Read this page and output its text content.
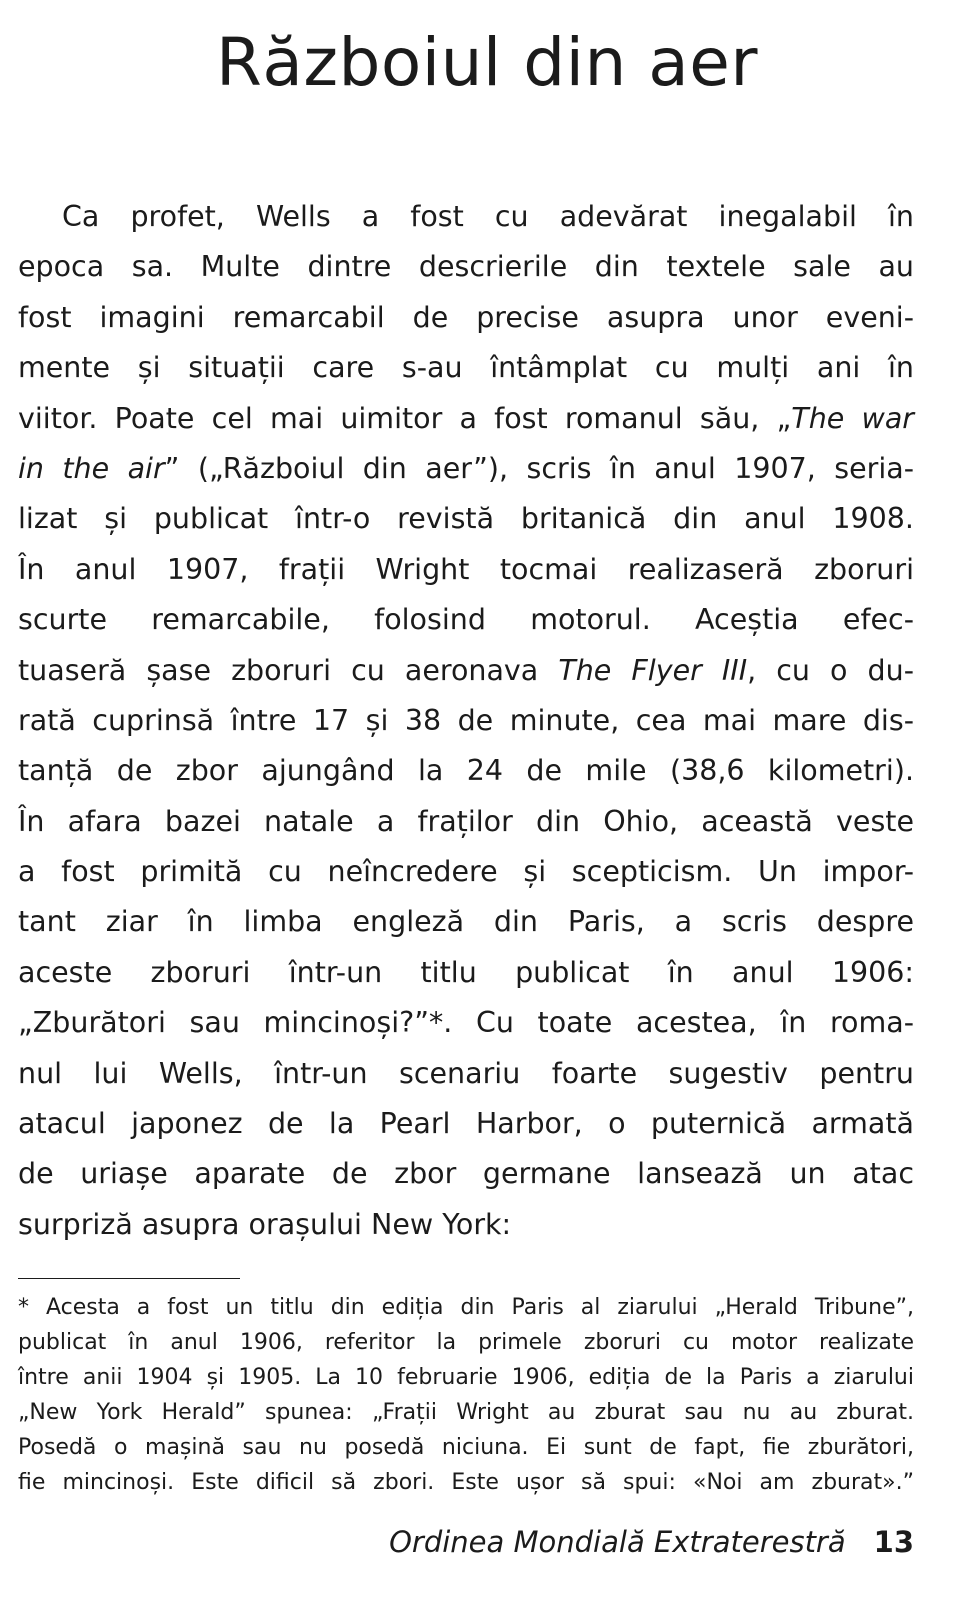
Războiul din aer
Ca profet, Wells a fost cu adevărat inegalabil în
epoca sa. Multe dintre descrierile din textele sale au
fost imagini remarcabil de precise asupra unor eveni-
mente și situații care s-au întâmplat cu mulți ani în
viitor. Poate cel mai uimitor a fost romanul său, „The war
in the air” („Războiul din aer”), scris în anul 1907, seria-
lizat și publicat într-o revistă britanică din anul 1908.
În anul 1907, frații Wright tocmai realizaseră zboruri
scurte remarcabile, folosind motorul. Aceștia efec-
tuaseră șase zboruri cu aeronava The Flyer III, cu o du-
rată cuprinsă între 17 și 38 de minute, cea mai mare dis-
tanță de zbor ajungând la 24 de mile (38,6 kilometri).
În afara bazei natale a fraților din Ohio, această veste
a fost primită cu neîncredere și scepticism. Un impor-
tant ziar în limba engleză din Paris, a scris despre
aceste zboruri într-un titlu publicat în anul 1906:
„Zburători sau mincinoși?”*. Cu toate acestea, în roma-
nul lui Wells, într-un scenariu foarte sugestiv pentru
atacul japonez de la Pearl Harbor, o puternică armată
de uriașe aparate de zbor germane lansează un atac
surpriză asupra orașului New York:
* Acesta a fost un titlu din ediția din Paris al ziarului „Herald Tribune”,
publicat în anul 1906, referitor la primele zboruri cu motor realizate
între anii 1904 și 1905. La 10 februarie 1906, ediția de la Paris a ziarului
„New York Herald” spunea: „Frații Wright au zburat sau nu au zburat.
Posedă o mașină sau nu posedă niciuna. Ei sunt de fapt, fie zburători,
fie mincinoși. Este dificil să zbori. Este ușor să spui: «Noi am zburat».”
Ordinea Mondială Extraterestră 13
